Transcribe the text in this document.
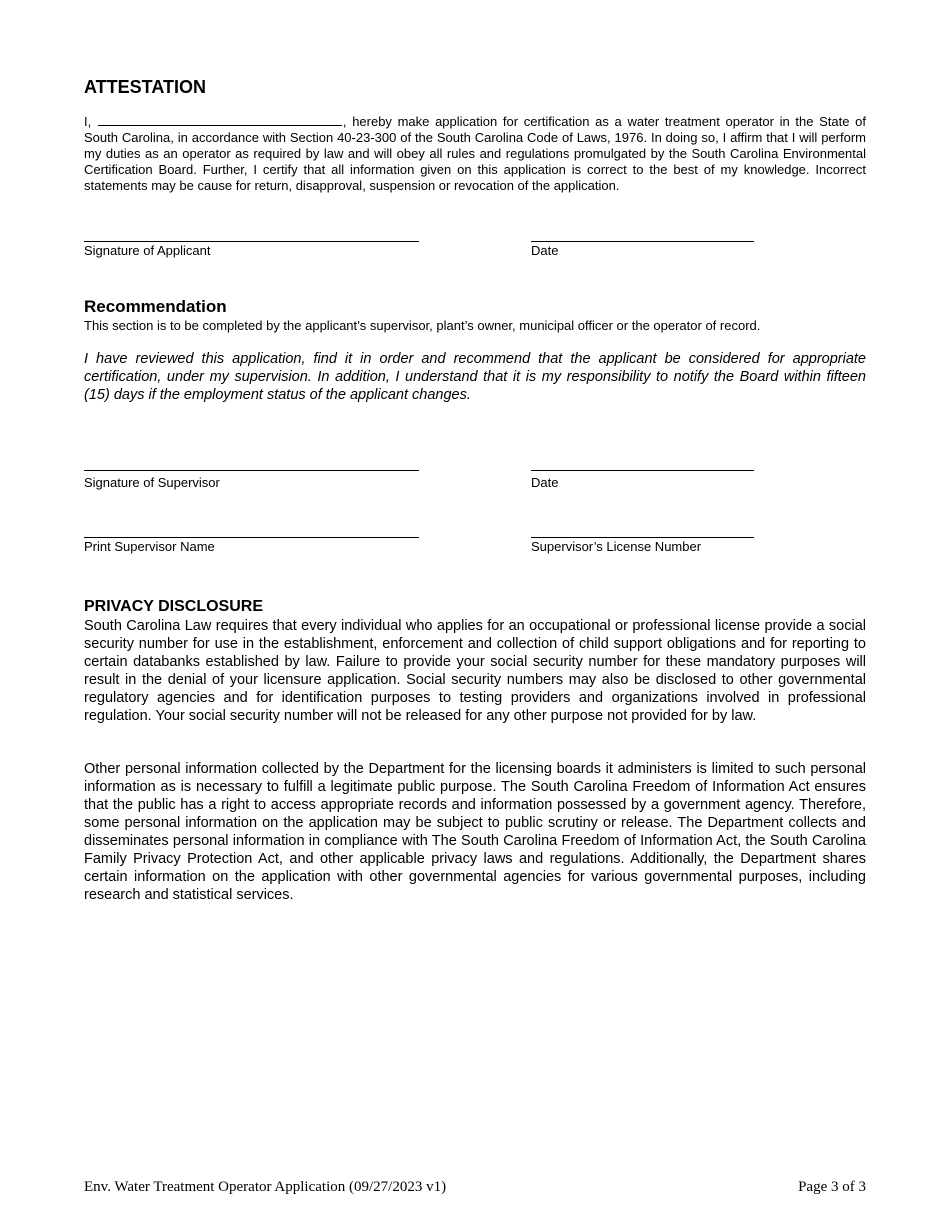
ATTESTATION
I,	, hereby make application for certification as a water treatment operator in the State of South Carolina, in accordance with Section 40-23-300 of the South Carolina Code of Laws, 1976. In doing so, I affirm that I will perform my duties as an operator as required by law and will obey all rules and regulations promulgated by the South Carolina Environmental Certification Board. Further, I certify that all information given on this application is correct to the best of my knowledge. Incorrect statements may be cause for return, disapproval, suspension or revocation of the application.
Signature of Applicant	Date
Recommendation
This section is to be completed by the applicant’s supervisor, plant’s owner, municipal officer or the operator of record.
I have reviewed this application, find it in order and recommend that the applicant be considered for appropriate certification, under my supervision. In addition, I understand that it is my responsibility to notify the Board within fifteen (15) days if the employment status of the applicant changes.
Signature of Supervisor	Date
Print Supervisor Name	Supervisor’s License Number
PRIVACY DISCLOSURE
South Carolina Law requires that every individual who applies for an occupational or professional license provide a social security number for use in the establishment, enforcement and collection of child support obligations and for reporting to certain databanks established by law. Failure to provide your social security number for these mandatory purposes will result in the denial of your licensure application. Social security numbers may also be disclosed to other governmental regulatory agencies and for identification purposes to testing providers and organizations involved in professional regulation. Your social security number will not be released for any other purpose not provided for by law.
Other personal information collected by the Department for the licensing boards it administers is limited to such personal information as is necessary to fulfill a legitimate public purpose. The South Carolina Freedom of Information Act ensures that the public has a right to access appropriate records and information possessed by a government agency. Therefore, some personal information on the application may be subject to public scrutiny or release. The Department collects and disseminates personal information in compliance with The South Carolina Freedom of Information Act, the South Carolina Family Privacy Protection Act, and other applicable privacy laws and regulations. Additionally, the Department shares certain information on the application with other governmental agencies for various governmental purposes, including research and statistical services.
Env. Water Treatment Operator Application (09/27/2023 v1)	Page 3 of 3
